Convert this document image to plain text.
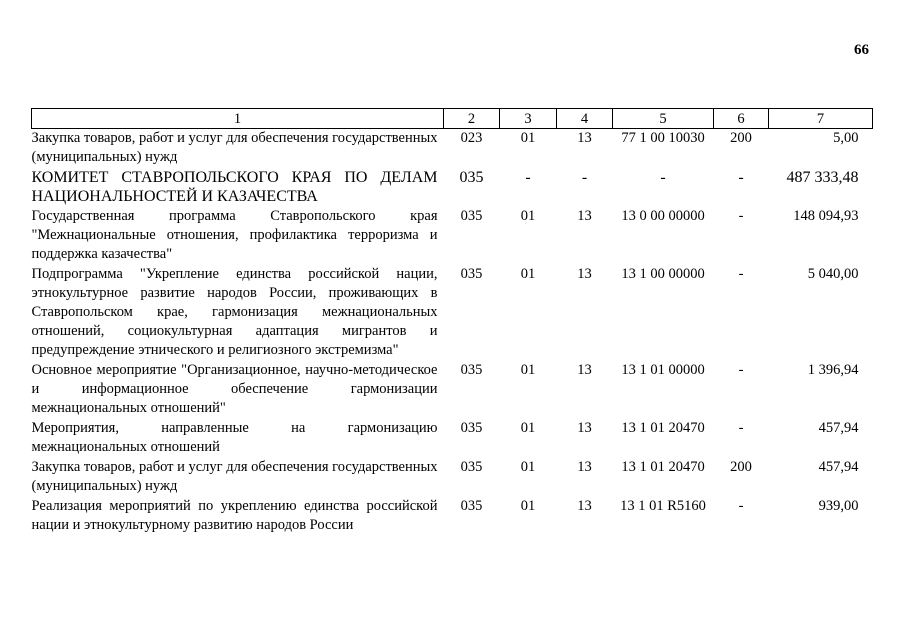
66
1	2	3	4	5	6	7
Закупка товаров, работ и услуг для обеспечения государственных (муниципальных) нужд	023	01	13	77 1 00 10030	200	5,00
КОМИТЕТ СТАВРОПОЛЬСКОГО КРАЯ ПО ДЕЛАМ НАЦИОНАЛЬНОСТЕЙ И КАЗАЧЕСТВА	035	-	-	-	-	487 333,48
Государственная программа Ставропольского края "Межнациональные отношения, профилактика терроризма и поддержка казачества"	035	01	13	13 0 00 00000	-	148 094,93
Подпрограмма "Укрепление единства российской нации, этнокультурное развитие народов России, проживающих в Ставропольском крае, гармонизация межнациональных отношений, социокультурная адаптация мигрантов и предупреждение этнического и религиозного экстремизма"	035	01	13	13 1 00 00000	-	5 040,00
Основное мероприятие "Организационное, научно-методическое и информационное обеспечение гармонизации межнациональных отношений"	035	01	13	13 1 01 00000	-	1 396,94
Мероприятия, направленные на гармонизацию межнациональных отношений	035	01	13	13 1 01 20470	-	457,94
Закупка товаров, работ и услуг для обеспечения государственных (муниципальных) нужд	035	01	13	13 1 01 20470	200	457,94
Реализация мероприятий по укреплению единства российской нации и этнокультурному развитию народов России	035	01	13	13 1 01 R5160	-	939,00
